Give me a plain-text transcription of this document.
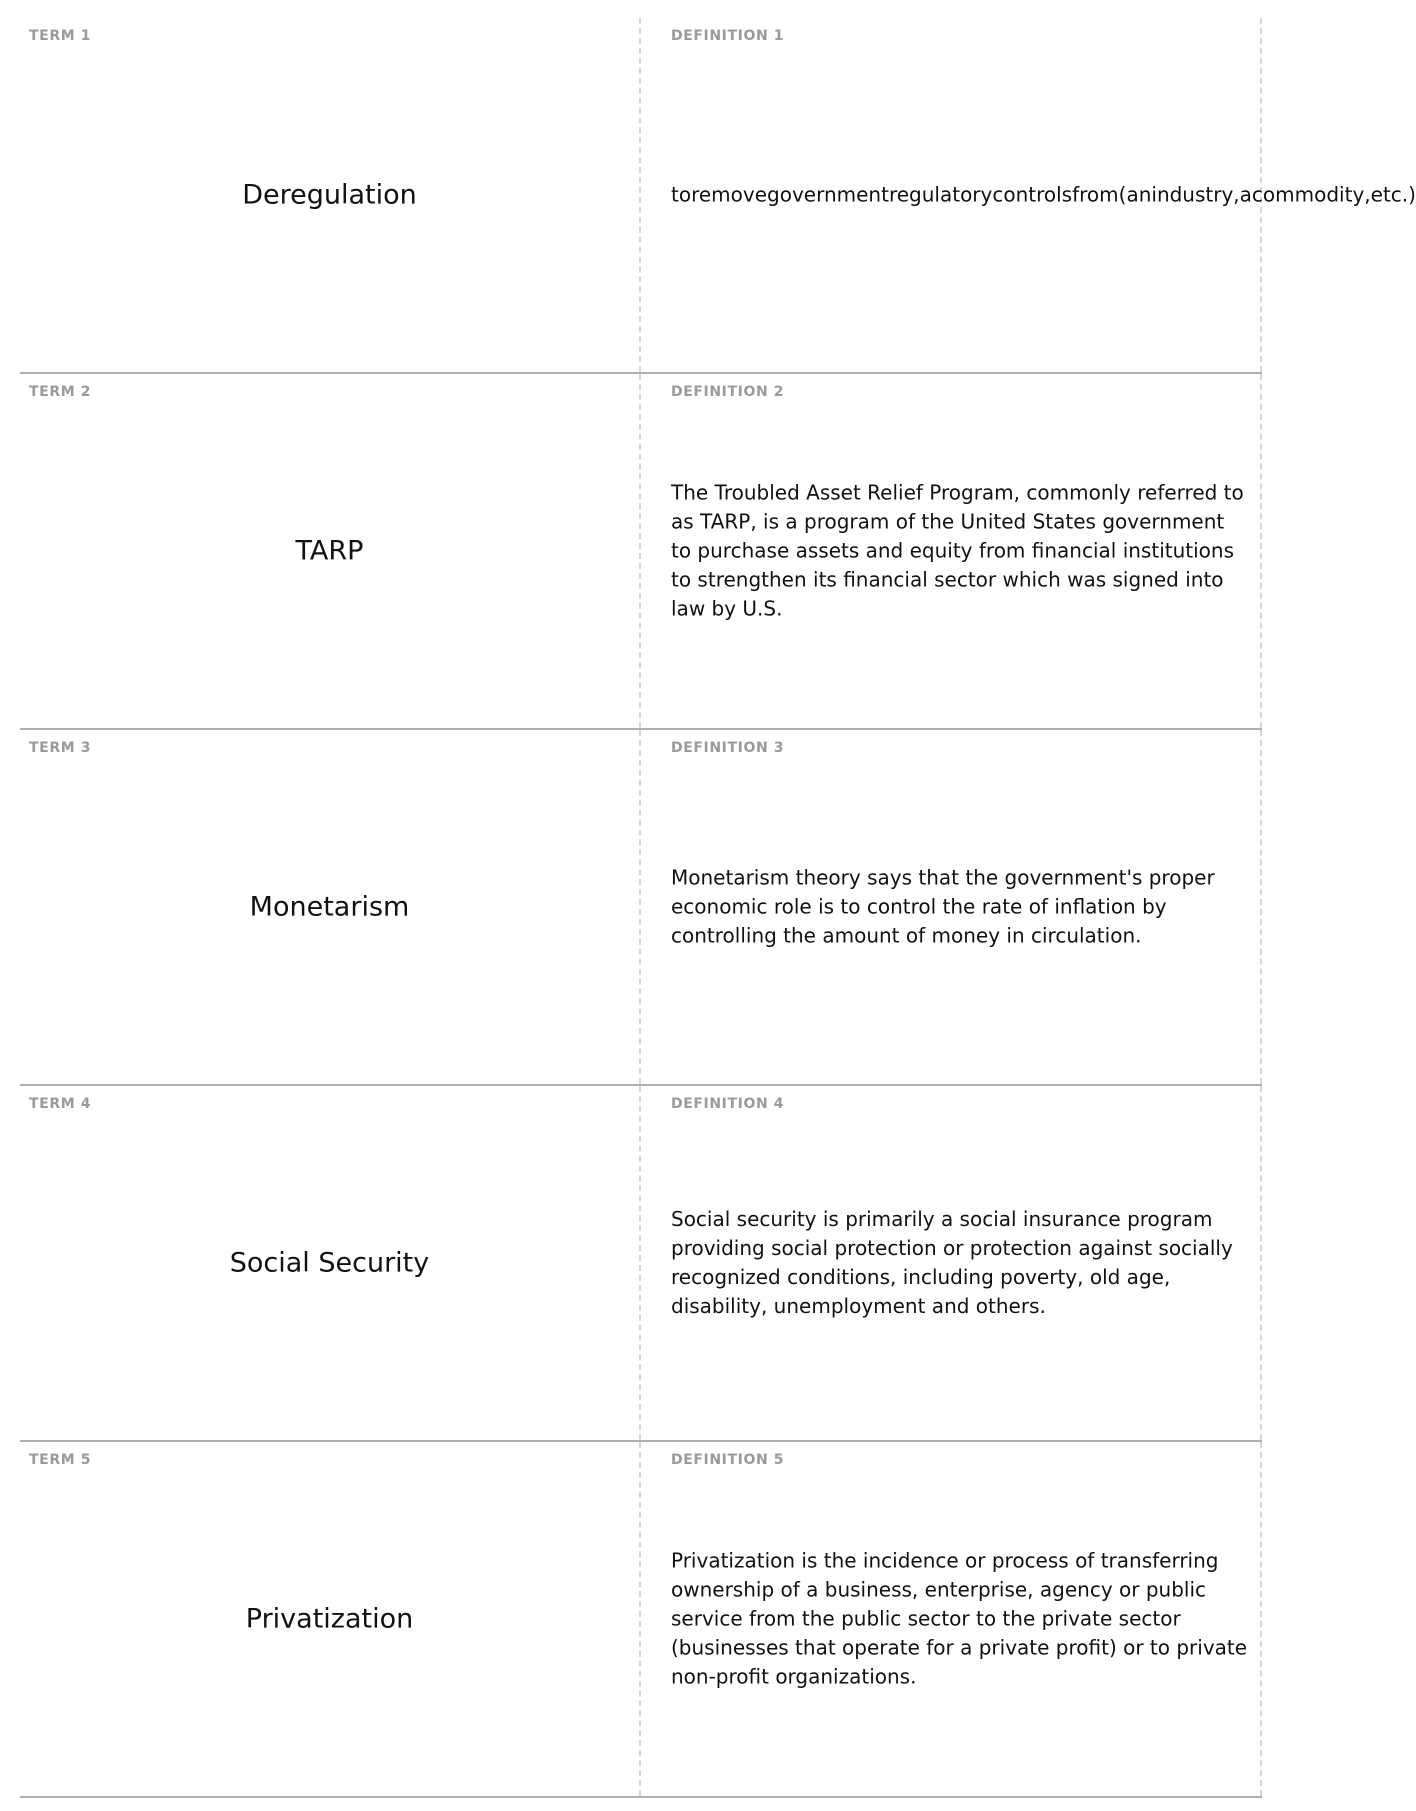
TERM 1
Deregulation
DEFINITION 1
toremovegovernmentregulatorycontrolsfrom(anindustry,acommodity,etc.)
TERM 2
TARP
DEFINITION 2
The Troubled Asset Relief Program, commonly referred to as TARP, is a program of the United States government to purchase assets and equity from financial institutions to strengthen its financial sector which was signed into law by U.S.
TERM 3
Monetarism
DEFINITION 3
Monetarism theory says that the government's proper economic role is to control the rate of inflation by controlling the amount of money in circulation.
TERM 4
Social Security
DEFINITION 4
Social security is primarily a social insurance program providing social protection or protection against socially recognized conditions, including poverty, old age, disability, unemployment and others.
TERM 5
Privatization
DEFINITION 5
Privatization is the incidence or process of transferring ownership of a business, enterprise, agency or public service from the public sector to the private sector (businesses that operate for a private profit) or to private non-profit organizations.
